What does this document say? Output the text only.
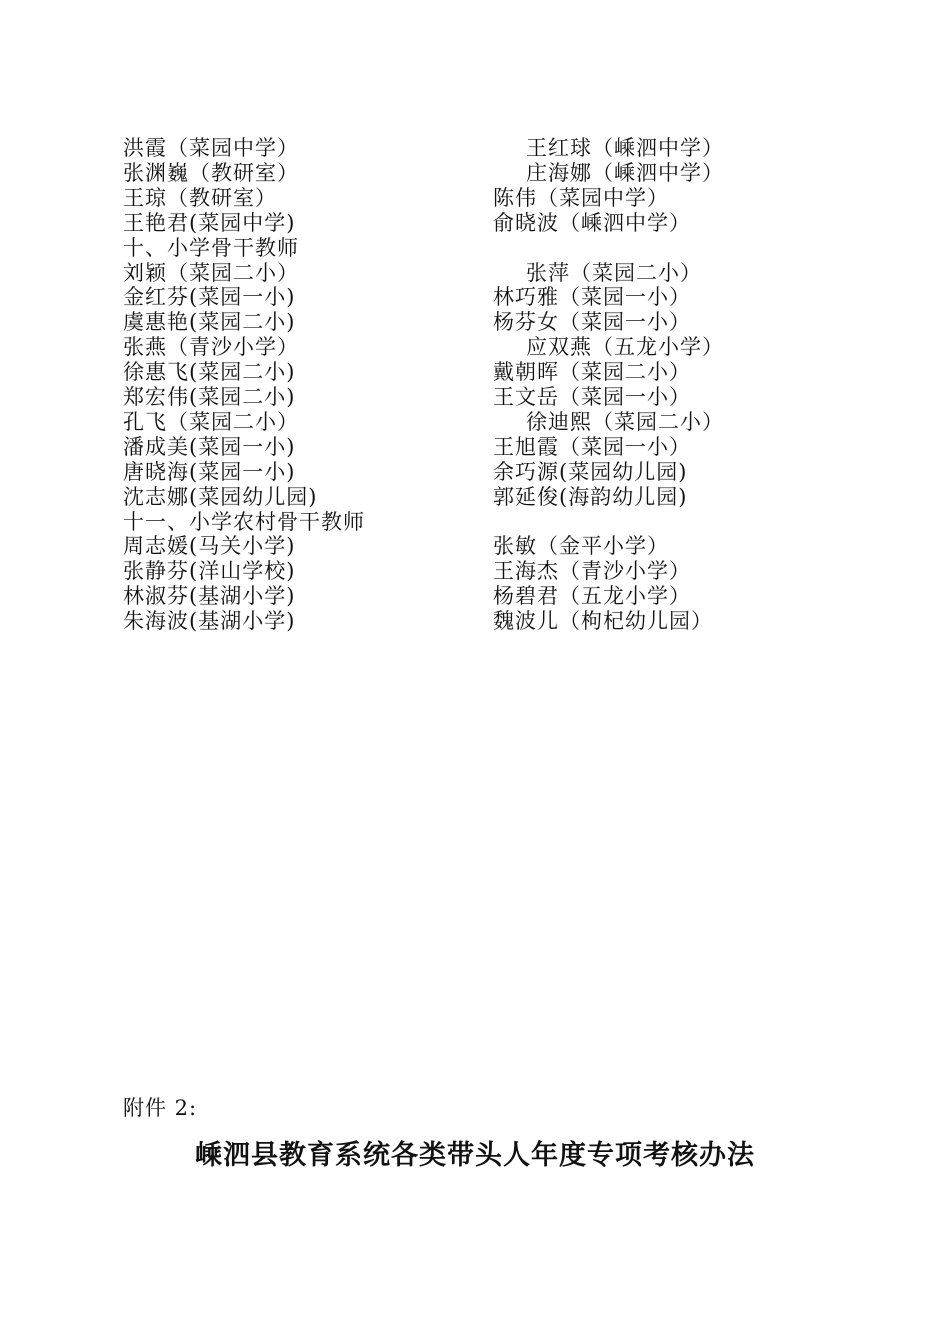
洪霞（菜园中学）	王红球（嵊泗中学）
张渊巍（教研室）	庄海娜（嵊泗中学）
王琼（教研室）	陈伟（菜园中学）
王艳君(菜园中学)	俞晓波（嵊泗中学）
十、小学骨干教师
刘颖（菜园二小）	张萍（菜园二小）
金红芬(菜园一小)	林巧雅（菜园一小）
虞惠艳(菜园二小)	杨芬女（菜园一小）
张燕（青沙小学）	应双燕（五龙小学）
徐惠飞(菜园二小)	戴朝晖（菜园二小）
郑宏伟(菜园二小)	王文岳（菜园一小）
孔飞（菜园二小）	徐迪熙（菜园二小）
潘成美(菜园一小)	王旭霞（菜园一小）
唐晓海(菜园一小)	余巧源(菜园幼儿园)
沈志娜(菜园幼儿园)	郭延俊(海韵幼儿园)
十一、小学农村骨干教师
周志媛(马关小学)	张敏（金平小学）
张静芬(洋山学校)	王海杰（青沙小学）
林淑芬(基湖小学)	杨碧君（五龙小学）
朱海波(基湖小学)	魏波儿（枸杞幼儿园）
附件 2:
嵊泗县教育系统各类带头人年度专项考核办法
